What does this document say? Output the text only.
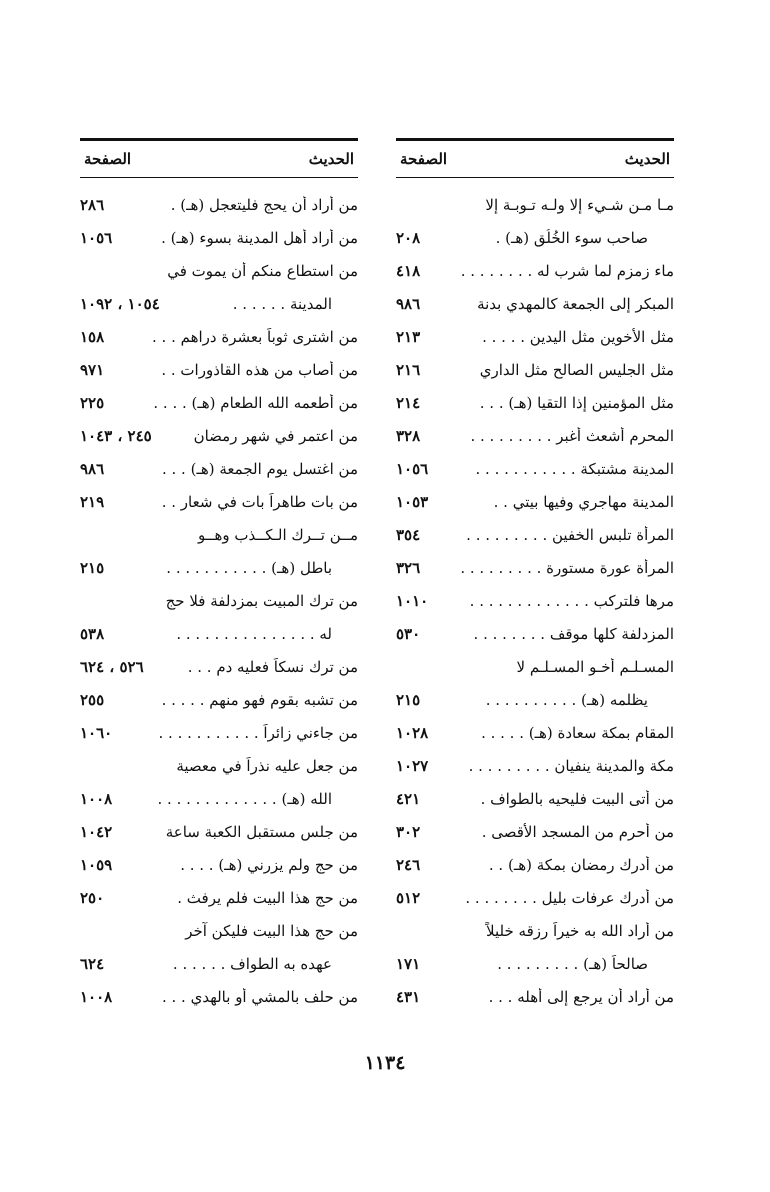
الحديث
الصفحة
مـا مـن شـيء إلا ولـه تـوبـة إلا
صاحب سوء الخُلُق (هـ) .
٢٠٨
ماء زمزم لما شرب له . . . . . . . .
٤١٨
المبكر إلى الجمعة كالمهدي بدنة
٩٨٦
مثل الأخوين مثل اليدين . . . . .
٢١٣
مثل الجليس الصالح مثل الداري
٢١٦
مثل المؤمنين إذا التقيا (هـ) . . .
٢١٤
المحرم أشعث أغبر . . . . . . . . .
٣٢٨
المدينة مشتبكة . . . . . . . . . . .
١٠٥٦
المدينة مهاجري وفيها بيتي . .
١٠٥٣
المرأة تلبس الخفين . . . . . . . . .
٣٥٤
المرأة عورة مستورة . . . . . . . . .
٣٢٦
مرها فلتركب . . . . . . . . . . . . .
١٠١٠
المزدلفة كلها موقف . . . . . . . .
٥٣٠
المسـلـم أخـو المسـلـم لا
يظلمه (هـ) . . . . . . . . . .
٢١٥
المقام بمكة سعادة (هـ) . . . . .
١٠٢٨
مكة والمدينة ينفيان . . . . . . . . .
١٠٢٧
من أتى البيت فليحيه بالطواف .
٤٢١
من أحرم من المسجد الأقصى .
٣٠٢
من أدرك رمضان بمكة (هـ) . .
٢٤٦
من أدرك عرفات بليل . . . . . . . .
٥١٢
من أراد الله به خيراً رزقه خليلاً
صالحاً (هـ) . . . . . . . . .
١٧١
من أراد أن يرجع إلى أهله . . .
٤٣١
الحديث
الصفحة
من أراد أن يحج فليتعجل (هـ) .
٢٨٦
من أراد أهل المدينة بسوء (هـ) .
١٠٥٦
من استطاع منكم أن يموت في
المدينة . . . . . .
١٠٥٤ ، ١٠٩٢
من اشترى ثوباً بعشرة دراهم . . .
١٥٨
من أصاب من هذه القاذورات . .
٩٧١
من أطعمه الله الطعام (هـ) . . . .
٢٢٥
من اعتمر في شهر رمضان
٢٤٥ ، ١٠٤٣
من اغتسل يوم الجمعة (هـ) . . .
٩٨٦
من بات طاهراً بات في شعار . .
٢١٩
مــن تــرك الـكــذب وهــو
باطل (هـ) . . . . . . . . . . .
٢١٥
من ترك المبيت بمزدلفة فلا حج
له . . . . . . . . . . . . . . .
٥٣٨
من ترك نسكاً فعليه دم . . .
٥٢٦ ، ٦٢٤
من تشبه بقوم فهو منهم . . . . .
٢٥٥
من جاءني زائراً . . . . . . . . . . .
١٠٦٠
من جعل عليه نذراً في معصية
الله (هـ) . . . . . . . . . . . . .
١٠٠٨
من جلس مستقبل الكعبة ساعة
١٠٤٢
من حج ولم يزرني (هـ) . . . .
١٠٥٩
من حج هذا البيت فلم يرفث .
٢٥٠
من حج هذا البيت فليكن آخر
عهده به الطواف . . . . . .
٦٢٤
من حلف بالمشي أو بالهدي . . .
١٠٠٨
١١٣٤
